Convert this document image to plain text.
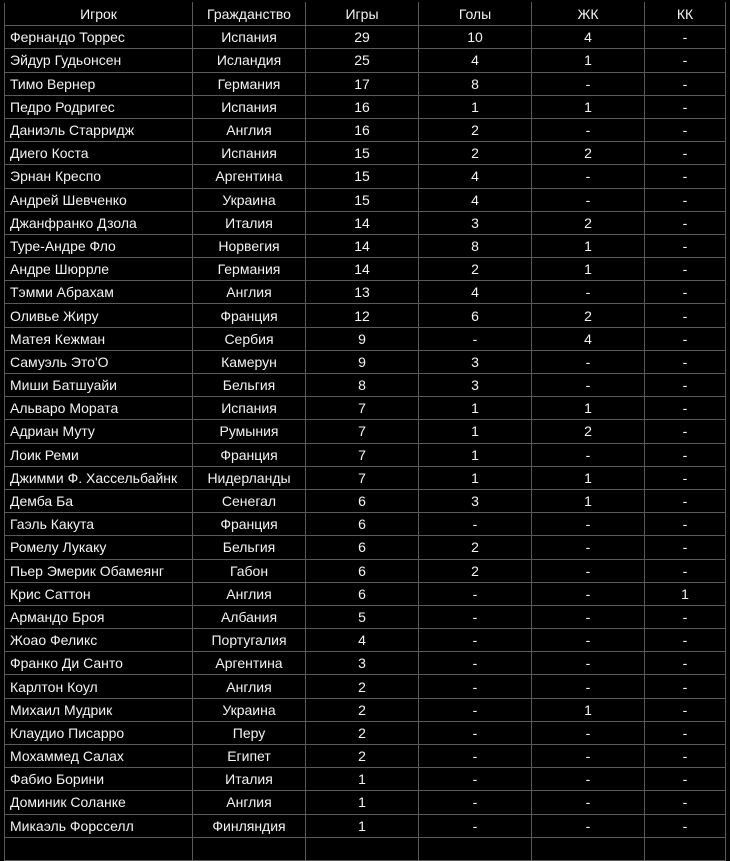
Игрок	Гражданство	Игры	Голы	ЖК	КК
Фернандо Торрес	Испания	29	10	4	-
Эйдур Гудьонсен	Исландия	25	4	1	-
Тимо Вернер	Германия	17	8	-	-
Педро Родригес	Испания	16	1	1	-
Даниэль Старридж	Англия	16	2	-	-
Диего Коста	Испания	15	2	2	-
Эрнан Креспо	Аргентина	15	4	-	-
Андрей Шевченко	Украина	15	4	-	-
Джанфранко Дзола	Италия	14	3	2	-
Туре-Андре Фло	Норвегия	14	8	1	-
Андре Шюррле	Германия	14	2	1	-
Тэмми Абрахам	Англия	13	4	-	-
Оливье Жиру	Франция	12	6	2	-
Матея Кежман	Сербия	9	-	4	-
Самуэль Это'О	Камерун	9	3	-	-
Миши Батшуайи	Бельгия	8	3	-	-
Альваро Мората	Испания	7	1	1	-
Адриан Муту	Румыния	7	1	2	-
Лоик Реми	Франция	7	1	-	-
Джимми Ф. Хассельбайнк	Нидерланды	7	1	1	-
Демба Ба	Сенегал	6	3	1	-
Гаэль Какута	Франция	6	-	-	-
Ромелу Лукаку	Бельгия	6	2	-	-
Пьер Эмерик Обамеянг	Габон	6	2	-	-
Крис Саттон	Англия	6	-	-	1
Армандо Броя	Албания	5	-	-	-
Жоао Феликс	Португалия	4	-	-	-
Франко Ди Санто	Аргентина	3	-	-	-
Карлтон Коул	Англия	2	-	-	-
Михаил Мудрик	Украина	2	-	1	-
Клаудио Писарро	Перу	2	-	-	-
Мохаммед Салах	Египет	2	-	-	-
Фабио Борини	Италия	1	-	-	-
Доминик Соланке	Англия	1	-	-	-
Микаэль Форсселл	Финляндия	1	-	-	-
